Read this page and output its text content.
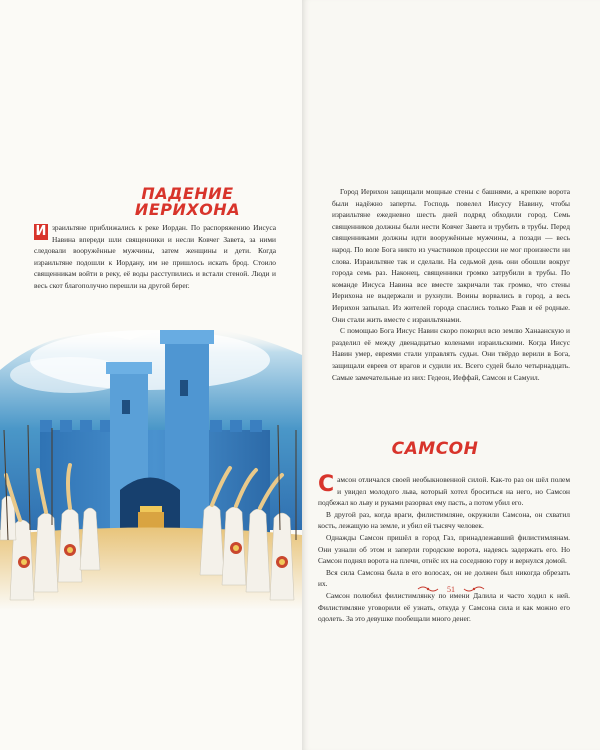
ПАДЕНИЕ
ИЕРИХОНА

И зраильтяне приближались к реке Иордан. По распоряжению Иисуса Навина впереди шли священники и несли Ковчег Завета, за ними следовали вооружённые мужчины, затем женщины и дети. Когда израильтяне подошли к Иордану, им не пришлось искать брод. Стоило священникам войти в реку, её воды расступились и встали стеной. Люди и весь скот благополучно перешли на другой берег.

Город Иерихон защищали мощные стены с башнями, а крепкие ворота были надёжно заперты. Господь повелел Иисусу Навину, чтобы израильтяне ежедневно шесть дней подряд обходили город. Семь священников должны были нести Ковчег Завета и трубить в трубы. Перед священниками должны идти вооружённые мужчины, а позади — весь народ. По воле Бога никто из участников процессии не мог произнести ни слова. Израильтяне так и сделали. На седьмой день они обошли вокруг города семь раз. Наконец, священники громко затрубили в трубы. По команде Иисуса Навина все вместе закричали так громко, что стены Иерихона не выдержали и рухнули. Воины ворвались в город, а весь Иерихон запылал. Из жителей города спаслись только Раав и её родные. Они стали жить вместе с израильтянами.

С помощью Бога Иисус Навин скоро покорил всю землю Ханаанскую и разделил её между двенадцатью коленами израильскими. Когда Иисус Навин умер, евреями стали управлять судьи. Они твёрдо верили в Бога, защищали евреев от врагов и судили их. Всего судей было четырнадцать. Самые замечательные из них: Гедеон, Иеффай, Самсон и Самуил.

САМСОН

Самсон отличался своей необыкновенной силой. Как-то раз он шёл полем и увидел молодого льва, который хотел броситься на него, но Самсон подбежал ко льву и руками разорвал ему пасть, а потом убил его.

В другой раз, когда враги, филистимляне, окружили Самсона, он схватил кость, лежащую на земле, и убил ей тысячу человек.

Однажды Самсон пришёл в город Газ, принадлежавший филистимлянам. Они узнали об этом и заперли городские ворота, надеясь задержать его. Но Самсон поднял ворота на плечи, отнёс их на соседнюю гору и вернулся домой.

Вся сила Самсона была в его волосах, он не должен был никогда обрезать их.

Самсон полюбил филистимлянку по имени Далила и часто ходил к ней. Филистимляне уговорили её узнать, откуда у Самсона сила и как можно его одолеть. За это девушке пообещали много денег.

51
